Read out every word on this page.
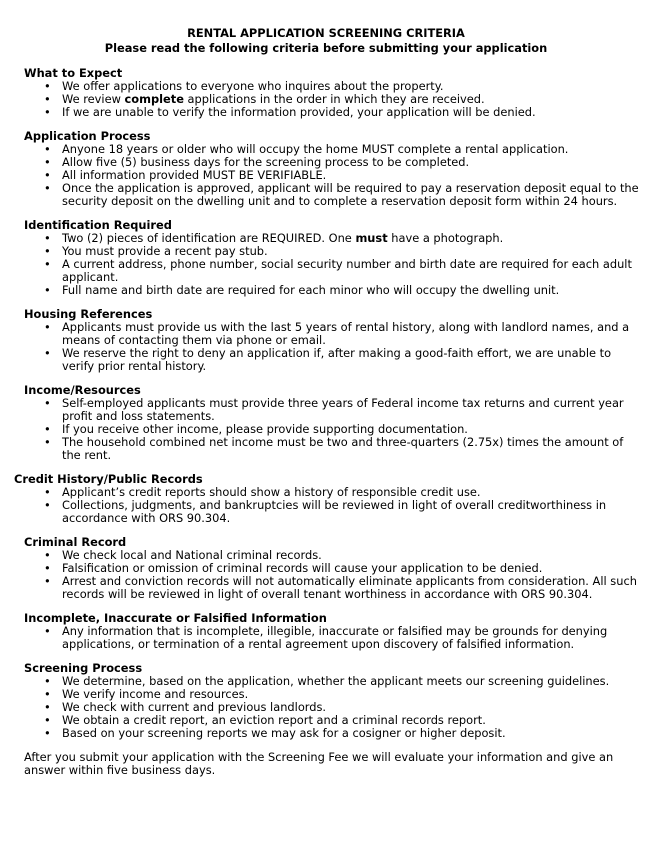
RENTAL APPLICATION SCREENING CRITERIA
Please read the following criteria before submitting your application
What to Expect
• We offer applications to everyone who inquires about the property.
• We review complete applications in the order in which they are received.
• If we are unable to verify the information provided, your application will be denied.
Application Process
• Anyone 18 years or older who will occupy the home MUST complete a rental application.
• Allow five (5) business days for the screening process to be completed.
• All information provided MUST BE VERIFIABLE.
• Once the application is approved, applicant will be required to pay a reservation deposit equal to the security deposit on the dwelling unit and to complete a reservation deposit form within 24 hours.
Identification Required
• Two (2) pieces of identification are REQUIRED. One must have a photograph.
• You must provide a recent pay stub.
• A current address, phone number, social security number and birth date are required for each adult applicant.
• Full name and birth date are required for each minor who will occupy the dwelling unit.
Housing References
• Applicants must provide us with the last 5 years of rental history, along with landlord names, and a means of contacting them via phone or email.
• We reserve the right to deny an application if, after making a good-faith effort, we are unable to verify prior rental history.
Income/Resources
• Self-employed applicants must provide three years of Federal income tax returns and current year profit and loss statements.
• If you receive other income, please provide supporting documentation.
• The household combined net income must be two and three-quarters (2.75x) times the amount of the rent.
Credit History/Public Records
• Applicant’s credit reports should show a history of responsible credit use.
• Collections, judgments, and bankruptcies will be reviewed in light of overall creditworthiness in accordance with ORS 90.304.
Criminal Record
• We check local and National criminal records.
• Falsification or omission of criminal records will cause your application to be denied.
• Arrest and conviction records will not automatically eliminate applicants from consideration. All such records will be reviewed in light of overall tenant worthiness in accordance with ORS 90.304.
Incomplete, Inaccurate or Falsified Information
• Any information that is incomplete, illegible, inaccurate or falsified may be grounds for denying applications, or termination of a rental agreement upon discovery of falsified information.
Screening Process
• We determine, based on the application, whether the applicant meets our screening guidelines.
• We verify income and resources.
• We check with current and previous landlords.
• We obtain a credit report, an eviction report and a criminal records report.
• Based on your screening reports we may ask for a cosigner or higher deposit.
After you submit your application with the Screening Fee we will evaluate your information and give an answer within five business days.
